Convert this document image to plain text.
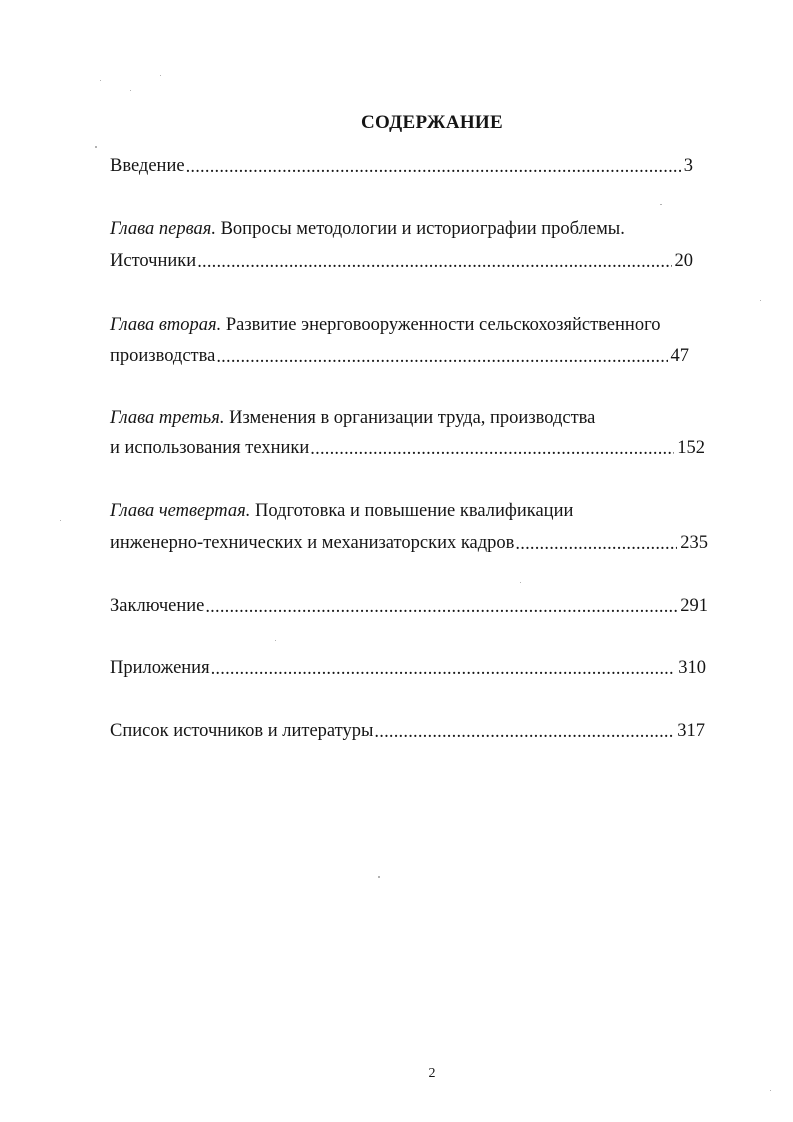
СОДЕРЖАНИЕ
Введение .....	3
Глава первая. Вопросы методологии и историографии проблемы.
Источники .....	20
Глава вторая. Развитие энерговооруженности сельскохозяйственного
производства .....	47
Глава третья. Изменения в организации труда, производства
и использования техники .....	152
Глава четвертая. Подготовка и повышение квалификации
инженерно-технических и механизаторских кадров .....	235
Заключение .....	291
Приложения .....	310
Список источников и литературы .....	317
2
